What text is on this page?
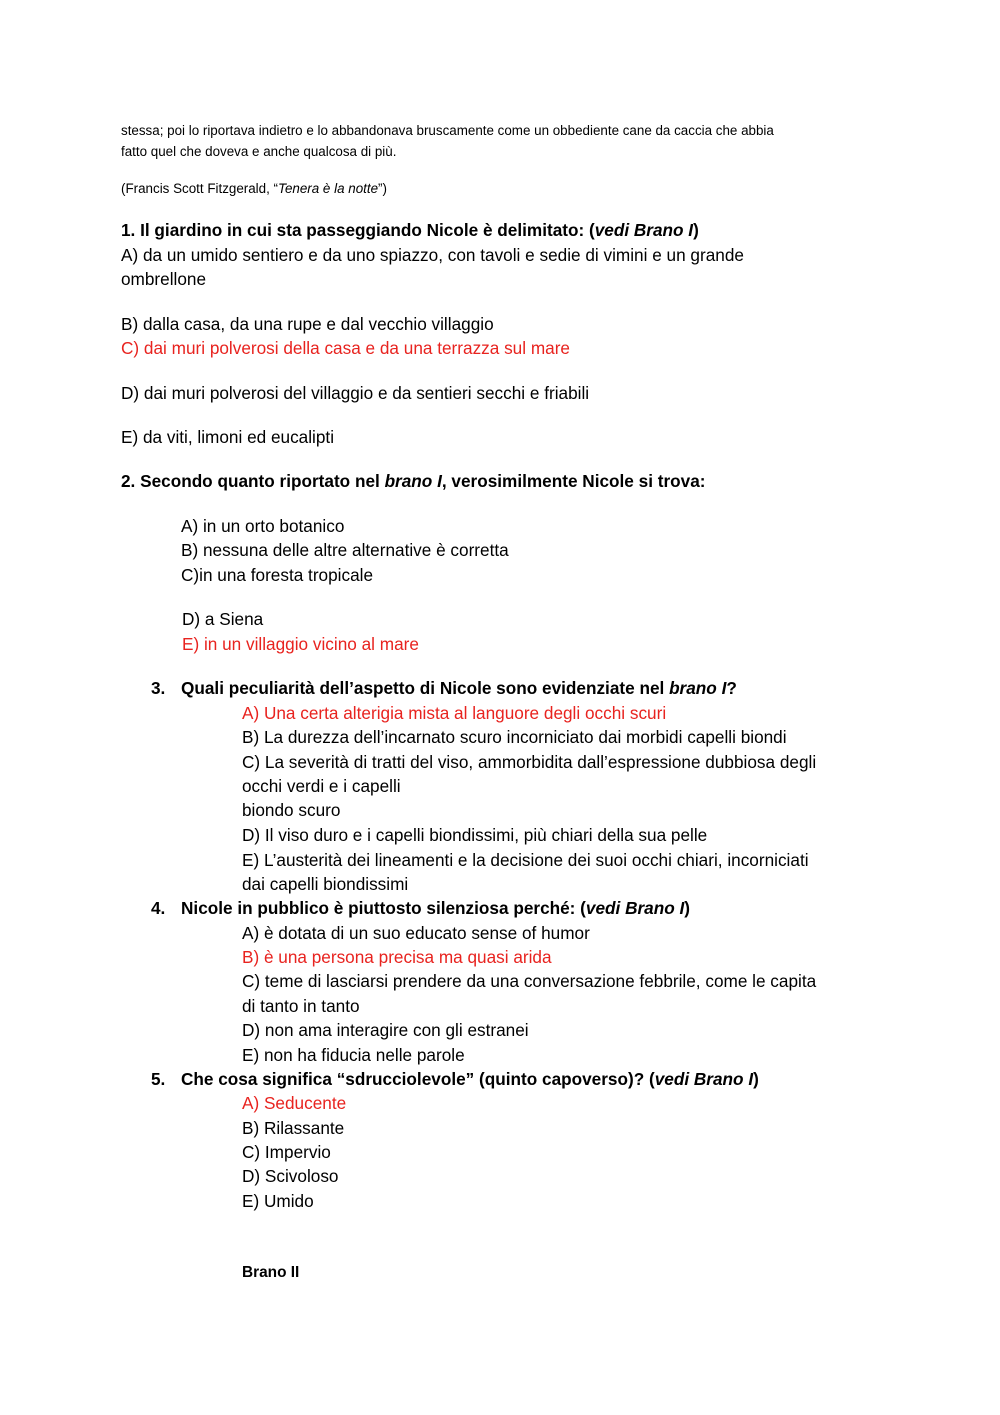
stessa; poi lo riportava indietro e lo abbandonava bruscamente come un obbediente cane da caccia che abbia
fatto quel che doveva e anche qualcosa di più.
(Francis Scott Fitzgerald, “Tenera è la notte”)
1. Il giardino in cui sta passeggiando Nicole è delimitato: (vedi Brano I)
A) da un umido sentiero e da uno spiazzo, con tavoli e sedie di vimini e un grande
ombrellone
B) dalla casa, da una rupe e dal vecchio villaggio
C) dai muri polverosi della casa e da una terrazza sul mare
D) dai muri polverosi del villaggio e da sentieri secchi e friabili
E) da viti, limoni ed eucalipti
2. Secondo quanto riportato nel brano I, verosimilmente Nicole si trova:
A) in un orto botanico
B) nessuna delle altre alternative è corretta
C)in una foresta tropicale
D) a Siena
E) in un villaggio vicino al mare
3. Quali peculiarità dell’aspetto di Nicole sono evidenziate nel brano I?
A) Una certa alterigia mista al languore degli occhi scuri
B) La durezza dell’incarnato scuro incorniciato dai morbidi capelli biondi
C) La severità di tratti del viso, ammorbidita dall’espressione dubbiosa degli
occhi verdi e i capelli
biondo scuro
D) Il viso duro e i capelli biondissimi, più chiari della sua pelle
E) L’austerità dei lineamenti e la decisione dei suoi occhi chiari, incorniciati
dai capelli biondissimi
4. Nicole in pubblico è piuttosto silenziosa perché: (vedi Brano I)
A) è dotata di un suo educato sense of humor
B) è una persona precisa ma quasi arida
C) teme di lasciarsi prendere da una conversazione febbrile, come le capita
di tanto in tanto
D) non ama interagire con gli estranei
E) non ha fiducia nelle parole
5. Che cosa significa “sdrucciolevole” (quinto capoverso)? (vedi Brano I)
A) Seducente
B) Rilassante
C) Impervio
D) Scivoloso
E) Umido
Brano II
